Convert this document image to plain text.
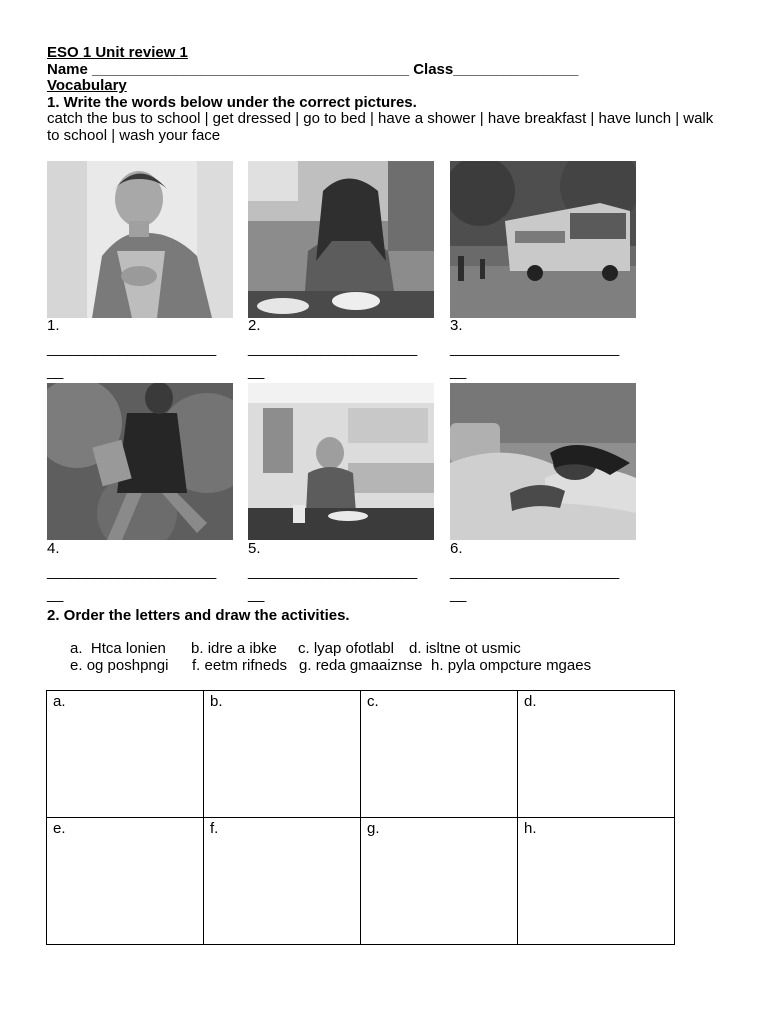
ESO 1 Unit review 1
Name ______________________________________ Class_______________
Vocabulary
1. Write the words below under the correct pictures.
catch the bus to school | get dressed | go to bed | have a shower | have breakfast | have lunch | walk to school | wash your face
1.
_____________________
__
2.
_____________________
__
3.
_____________________
__
4.
_____________________
__
5.
_____________________
__
6.
_____________________
__
2. Order the letters and draw the activities.
a. Htca lonien b. idre a ibke c. lyap ofotlabl d. isltne ot usmic
e. og poshpngi f. eetm rifneds g. reda gmaaiznse h. pyla ompcture mgaes
a.	b.	c.	d.
e.	f.	g.	h.
